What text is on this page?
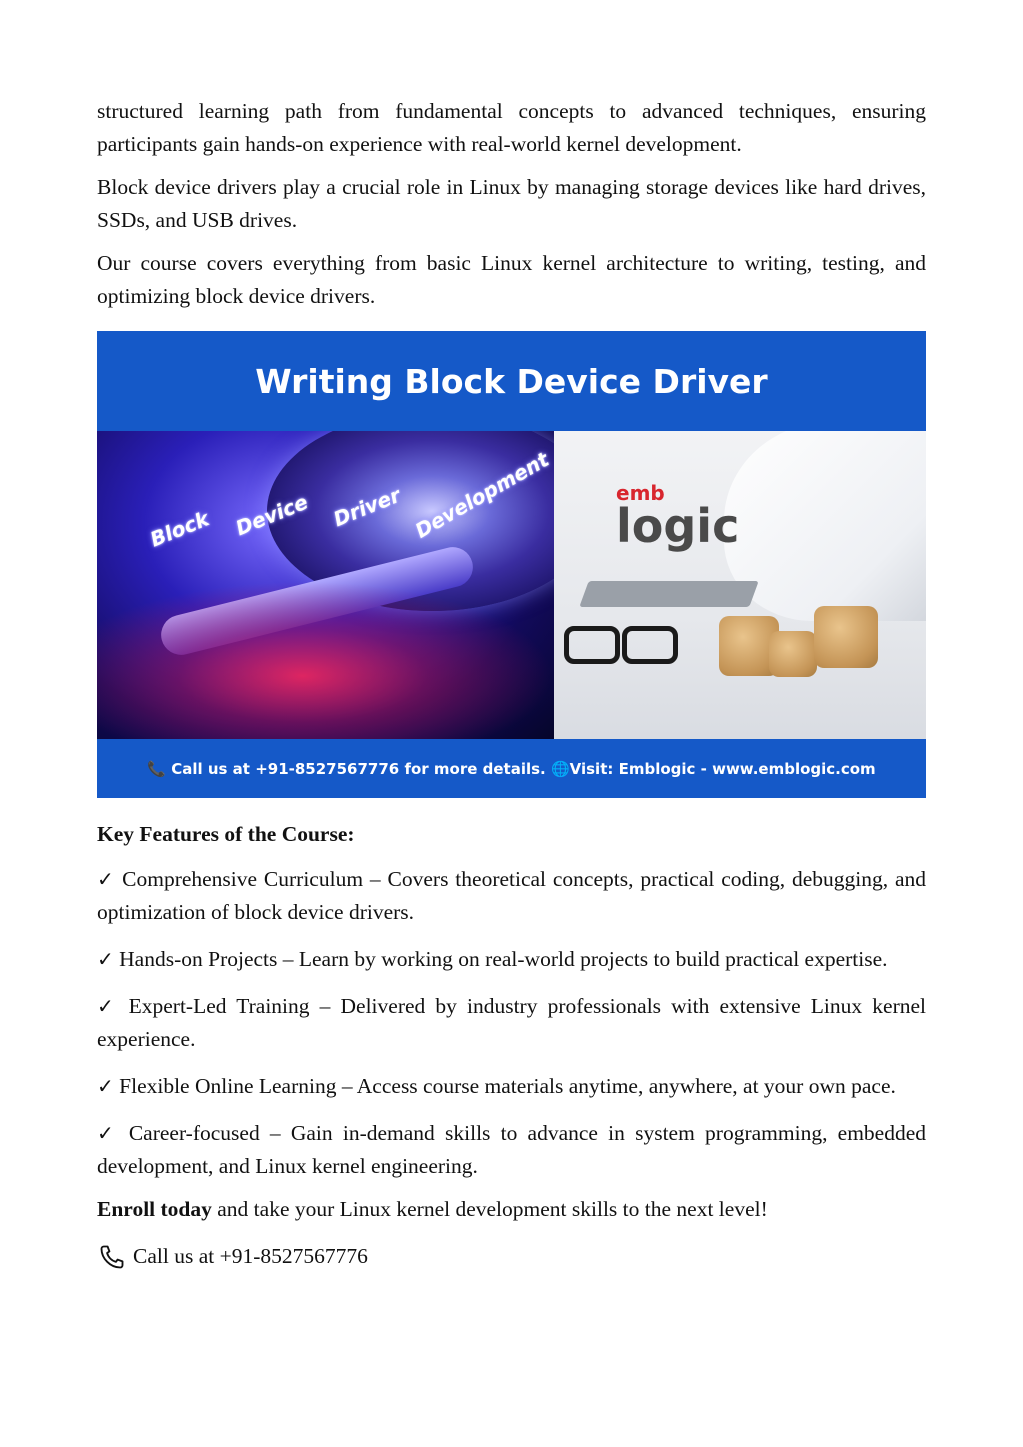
structured learning path from fundamental concepts to advanced techniques, ensuring participants gain hands-on experience with real-world kernel development.

Block device drivers play a crucial role in Linux by managing storage devices like hard drives, SSDs, and USB drives.

Our course covers everything from basic Linux kernel architecture to writing, testing, and optimizing block device drivers.

Writing Block Device Driver
Block Device Driver Development	emb
logic
📞 Call us at +91-8527567776 for more details. 🌐Visit: Emblogic - www.emblogic.com

Key Features of the Course:

✓ Comprehensive Curriculum – Covers theoretical concepts, practical coding, debugging, and optimization of block device drivers.

✓ Hands-on Projects – Learn by working on real-world projects to build practical expertise.

✓ Expert-Led Training – Delivered by industry professionals with extensive Linux kernel experience.

✓ Flexible Online Learning – Access course materials anytime, anywhere, at your own pace.

✓ Career-focused – Gain in-demand skills to advance in system programming, embedded development, and Linux kernel engineering.

Enroll today and take your Linux kernel development skills to the next level!

Call us at +91-8527567776
